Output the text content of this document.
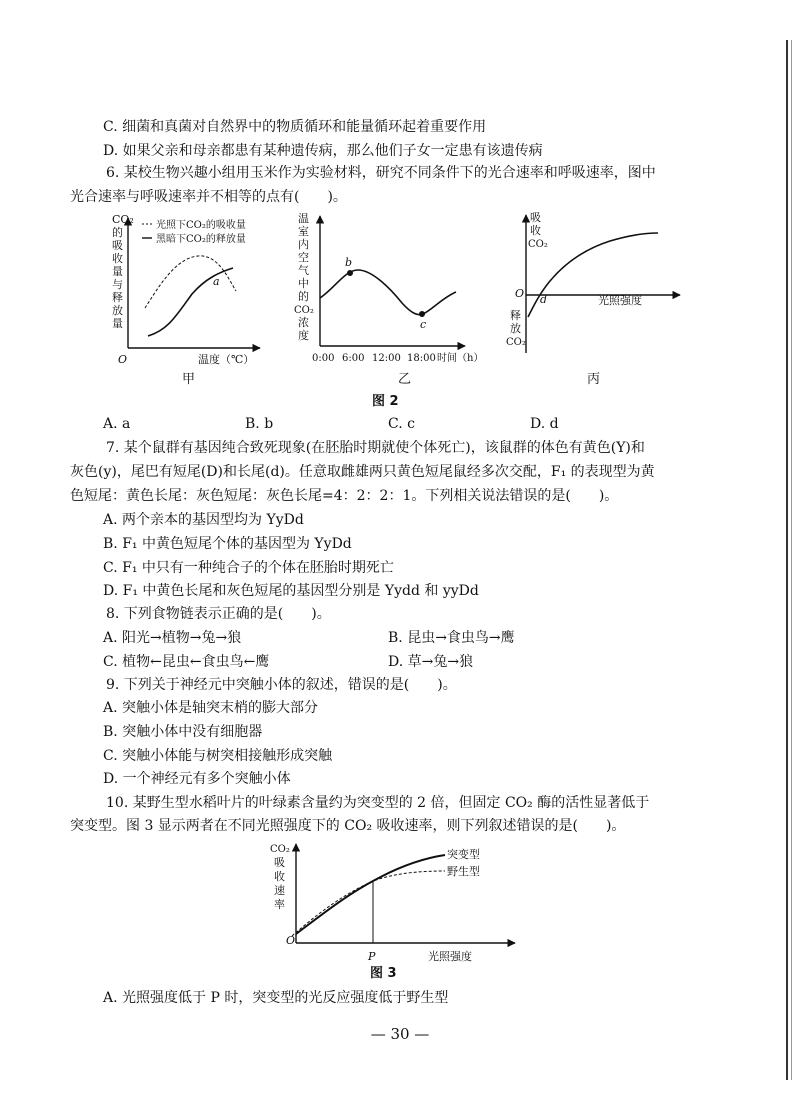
C. 细菌和真菌对自然界中的物质循环和能量循环起着重要作用
D. 如果父亲和母亲都患有某种遗传病，那么他们子女一定患有该遗传病
6. 某校生物兴趣小组用玉米作为实验材料，研究不同条件下的光合速率和呼吸速率，图中
光合速率与呼吸速率并不相等的点有(　　)。
CO₂
的
吸
收
量
与
释
放
量
O	温度（℃）
光照下CO₂的吸收量
黑暗下CO₂的释放量
a
温
室
内
空
气
中
的
CO₂
浓
度
b
c
0:00 6:00 12:00 18:00 时间（h）
吸
收
CO₂
O d	光照强度
释
放
CO₂
甲	乙	丙
图 2
A. a	B. b	C. c	D. d
7. 某个鼠群有基因纯合致死现象(在胚胎时期就使个体死亡)，该鼠群的体色有黄色(Y)和
灰色(y)，尾巴有短尾(D)和长尾(d)。任意取雌雄两只黄色短尾鼠经多次交配，F₁ 的表现型为黄
色短尾：黄色长尾：灰色短尾：灰色长尾=4：2：2：1。下列相关说法错误的是(　　)。
A. 两个亲本的基因型均为 YyDd
B. F₁ 中黄色短尾个体的基因型为 YyDd
C. F₁ 中只有一种纯合子的个体在胚胎时期死亡
D. F₁ 中黄色长尾和灰色短尾的基因型分别是 Yydd 和 yyDd
8. 下列食物链表示正确的是(　　)。
A. 阳光→植物→兔→狼	B. 昆虫→食虫鸟→鹰
C. 植物←昆虫←食虫鸟←鹰	D. 草→兔→狼
9. 下列关于神经元中突触小体的叙述，错误的是(　　)。
A. 突触小体是轴突末梢的膨大部分
B. 突触小体中没有细胞器
C. 突触小体能与树突相接触形成突触
D. 一个神经元有多个突触小体
10. 某野生型水稻叶片的叶绿素含量约为突变型的 2 倍，但固定 CO₂ 酶的活性显著低于
突变型。图 3 显示两者在不同光照强度下的 CO₂ 吸收速率，则下列叙述错误的是(　　)。
CO₂
吸
收
速
率
O
P
突变型
野生型
光照强度
图 3
A. 光照强度低于 P 时，突变型的光反应强度低于野生型
— 30 —
